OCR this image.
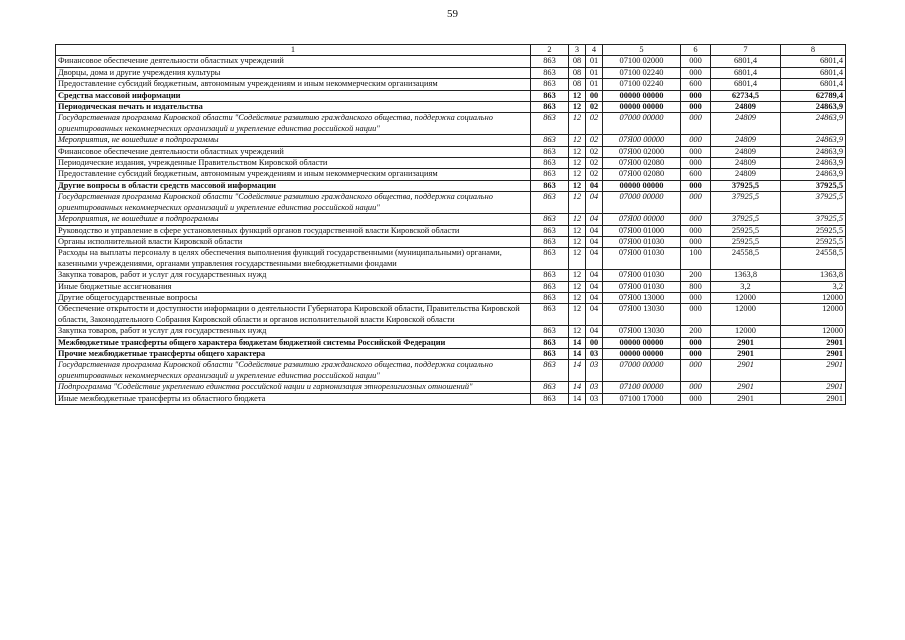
59
1	2	3	4	5	6	7	8
Финансовое обеспечение деятельности областных учреждений	863	08	01	07100 02000	000	6801,4	6801,4
Дворцы, дома и другие учреждения культуры	863	08	01	07100 02240	000	6801,4	6801,4
Предоставление субсидий бюджетным, автономным учреждениям и иным некоммерческим организациям	863	08	01	07100 02240	600	6801,4	6801,4
Средства массовой информации	863	12	00	00000 00000	000	62734,5	62789,4
Периодическая печать и издательства	863	12	02	00000 00000	000	24809	24863,9
Государственная программа Кировской области "Содействие развитию гражданского общества, поддержка социально ориентированных некоммерческих организаций и укрепление единства российской нации"	863	12	02	07000 00000	000	24809	24863,9
Мероприятия, не вошедшие в подпрограммы	863	12	02	07Я00 00000	000	24809	24863,9
Финансовое обеспечение деятельности областных учреждений	863	12	02	07Я00 02000	000	24809	24863,9
Периодические издания, учрежденные Правительством Кировской области	863	12	02	07Я00 02080	000	24809	24863,9
Предоставление субсидий бюджетным, автономным учреждениям и иным некоммерческим организациям	863	12	02	07Я00 02080	600	24809	24863,9
Другие вопросы в области средств массовой информации	863	12	04	00000 00000	000	37925,5	37925,5
Государственная программа Кировской области "Содействие развитию гражданского общества, поддержка социально ориентированных некоммерческих организаций и укрепление единства российской нации"	863	12	04	07000 00000	000	37925,5	37925,5
Мероприятия, не вошедшие в подпрограммы	863	12	04	07Я00 00000	000	37925,5	37925,5
Руководство и управление в сфере установленных функций органов государственной власти Кировской области	863	12	04	07Я00 01000	000	25925,5	25925,5
Органы исполнительной власти Кировской области	863	12	04	07Я00 01030	000	25925,5	25925,5
Расходы на выплаты персоналу в целях обеспечения выполнения функций государственными (муниципальными) органами, казенными учреждениями, органами управления государственными внебюджетными фондами	863	12	04	07Я00 01030	100	24558,5	24558,5
Закупка товаров, работ и услуг для государственных нужд	863	12	04	07Я00 01030	200	1363,8	1363,8
Иные бюджетные ассигнования	863	12	04	07Я00 01030	800	3,2	3,2
Другие общегосударственные вопросы	863	12	04	07Я00 13000	000	12000	12000
Обеспечение открытости и доступности информации о деятельности Губернатора Кировской области, Правительства Кировской области, Законодательного Собрания Кировской области и органов исполнительной власти Кировской области	863	12	04	07Я00 13030	000	12000	12000
Закупка товаров, работ и услуг для государственных нужд	863	12	04	07Я00 13030	200	12000	12000
Межбюджетные трансферты общего характера бюджетам бюджетной системы Российской Федерации	863	14	00	00000 00000	000	2901	2901
Прочие межбюджетные трансферты общего характера	863	14	03	00000 00000	000	2901	2901
Государственная программа Кировской области "Содействие развитию гражданского общества, поддержка социально ориентированных некоммерческих организаций и укрепление единства российской нации"	863	14	03	07000 00000	000	2901	2901
Подпрограмма "Содействие укреплению единства российской нации и гармонизация этнорелигиозных отношений"	863	14	03	07100 00000	000	2901	2901
Иные межбюджетные трансферты из областного бюджета	863	14	03	07100 17000	000	2901	2901
